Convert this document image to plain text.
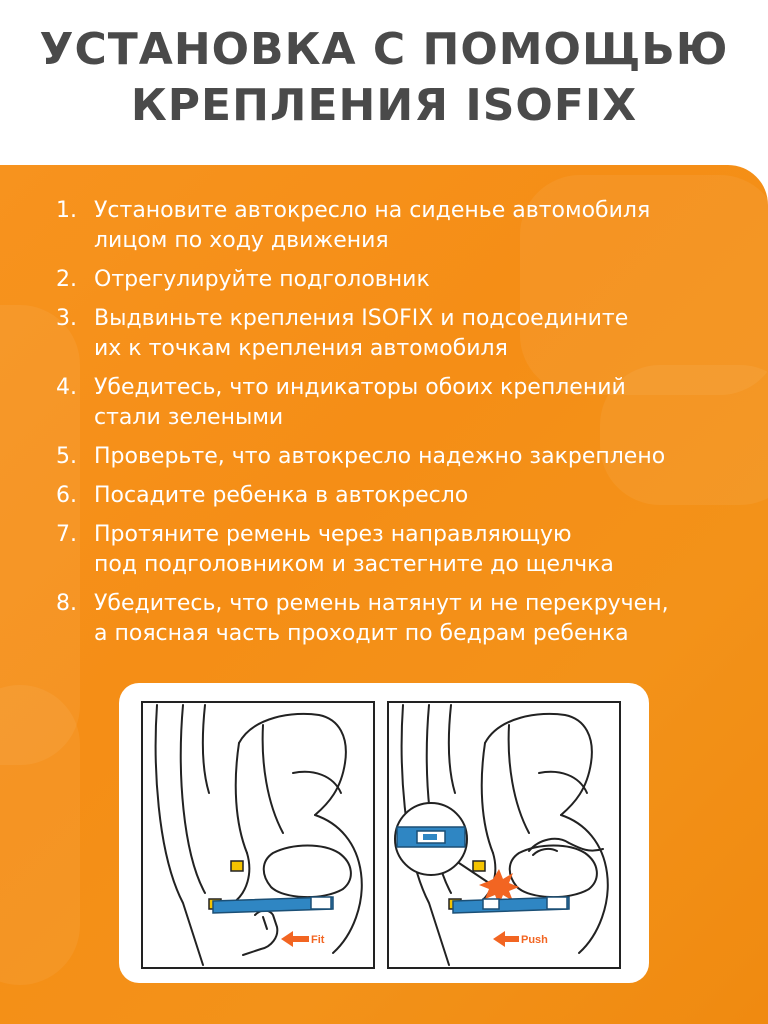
УСТАНОВКА С ПОМОЩЬЮ
КРЕПЛЕНИЯ ISOFIX
1. Установите автокресло на сиденье автомобиля
лицом по ходу движения
2. Отрегулируйте подголовник
3. Выдвиньте крепления ISOFIX и подсоедините
их к точкам крепления автомобиля
4. Убедитесь, что индикаторы обоих креплений
стали зелеными
5. Проверьте, что автокресло надежно закреплено
6. Посадите ребенка в автокресло
7. Протяните ремень через направляющую
под подголовником и застегните до щелчка
8. Убедитесь, что ремень натянут и не перекручен,
а поясная часть проходит по бедрам ребенка
Fit	Push
